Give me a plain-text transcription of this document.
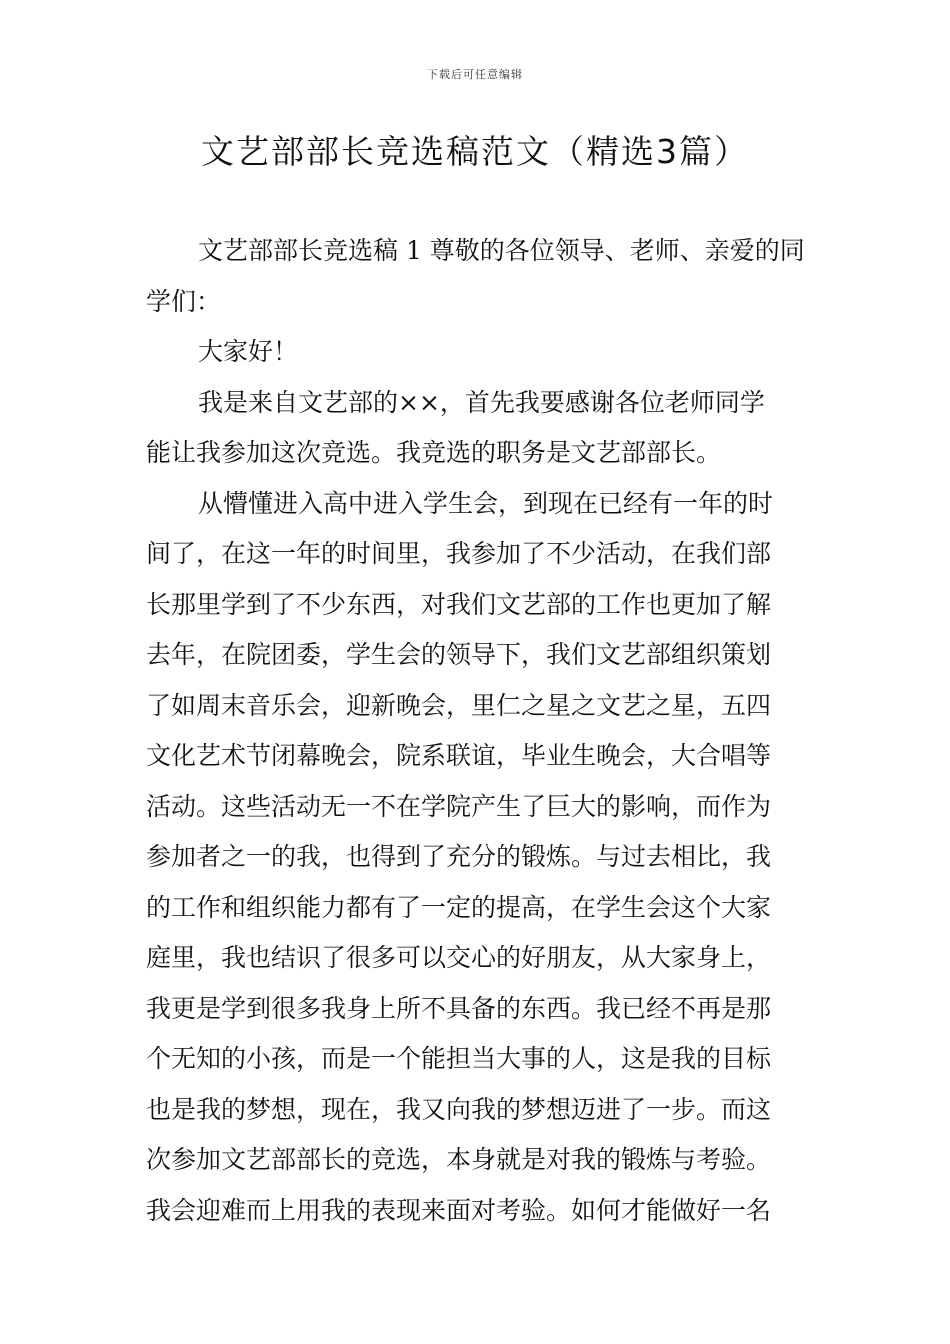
下载后可任意编辑
文艺部部长竞选稿范文（精选3篇）
文艺部部长竞选稿 1 尊敬的各位领导、老师、亲爱的同
学们：
大家好！
我是来自文艺部的××，首先我要感谢各位老师同学
能让我参加这次竞选。我竞选的职务是文艺部部长。
从懵懂进入高中进入学生会，到现在已经有一年的时
间了，在这一年的时间里，我参加了不少活动，在我们部
长那里学到了不少东西，对我们文艺部的工作也更加了解
去年，在院团委，学生会的领导下，我们文艺部组织策划
了如周末音乐会，迎新晚会，里仁之星之文艺之星，五四
文化艺术节闭幕晚会，院系联谊，毕业生晚会，大合唱等
活动。这些活动无一不在学院产生了巨大的影响，而作为
参加者之一的我，也得到了充分的锻炼。与过去相比，我
的工作和组织能力都有了一定的提高，在学生会这个大家
庭里，我也结识了很多可以交心的好朋友，从大家身上，
我更是学到很多我身上所不具备的东西。我已经不再是那
个无知的小孩，而是一个能担当大事的人，这是我的目标
也是我的梦想，现在，我又向我的梦想迈进了一步。而这
次参加文艺部部长的竞选，本身就是对我的锻炼与考验。
我会迎难而上用我的表现来面对考验。如何才能做好一名
